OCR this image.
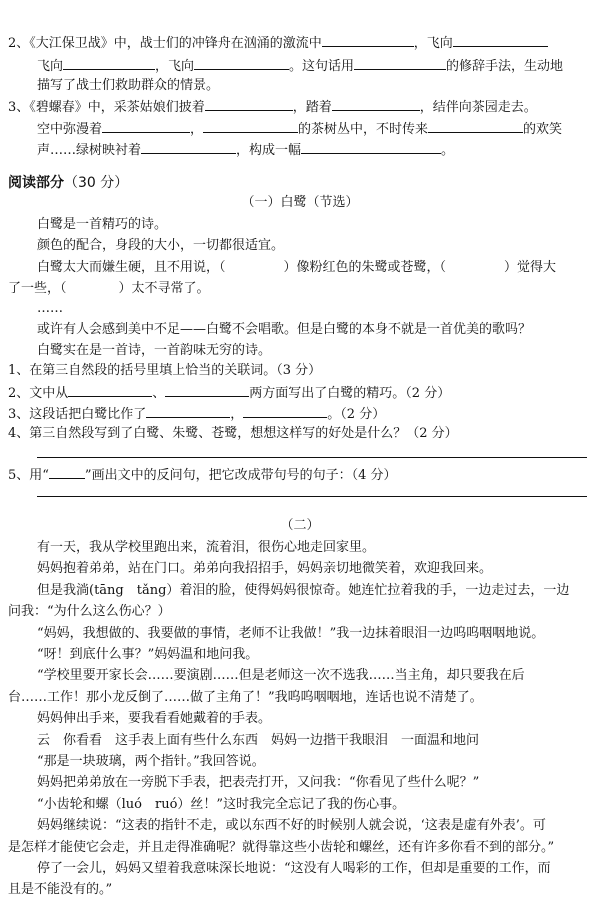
2、《大江保卫战》中，战士们的冲锋舟在汹涌的激流中	，飞向
飞向	，飞向	。这句话用	的修辞手法，生动地
描写了战士们救助群众的情景。
3、《碧螺春》中，采茶姑娘们披着	，踏着	，结伴向茶园走去。
空中弥漫着	，	的茶树丛中，不时传来	的欢笑
声……绿树映衬着	，构成一幅	。
阅读部分（30 分）
（一）白鹭（节选）
白鹭是一首精巧的诗。
颜色的配合，身段的大小，一切都很适宜。
白鹭太大而嫌生硬，且不用说，（	）像粉红色的朱鹭或苍鹭，（	）觉得大
了一些，（	）太不寻常了。
……
或许有人会感到美中不足——白鹭不会唱歌。但是白鹭的本身不就是一首优美的歌吗？
白鹭实在是一首诗，一首韵味无穷的诗。
1、在第三自然段的括号里填上恰当的关联词。（3 分）
2、文中从	、	两方面写出了白鹭的精巧。（2 分）
3、这段话把白鹭比作了	，	。（2 分）
4、第三自然段写到了白鹭、朱鹭、苍鹭，想想这样写的好处是什么？（2 分）
5、用“	”画出文中的反问句，把它改成带句号的句子：（4 分）
（二）
有一天，我从学校里跑出来，流着泪，很伤心地走回家里。
妈妈抱着弟弟，站在门口。弟弟向我招招手，妈妈亲切地微笑着，欢迎我回来。
但是我淌(tāng　tǎng）着泪的脸，使得妈妈很惊奇。她连忙拉着我的手，一边走过去，一边
问我：“为什么这么伤心？）
“妈妈，我想做的、我要做的事情，老师不让我做！”我一边抹着眼泪一边呜呜咽咽地说。
“呀！到底什么事？”妈妈温和地问我。
“学校里要开家长会……要演剧……但是老师这一次不选我……当主角，却只要我在后
台……工作！那小龙反倒了……做了主角了！”我呜呜咽咽地，连话也说不清楚了。
妈妈伸出手来，要我看看她戴着的手表。
云　你看看　这手表上面有些什么东西　妈妈一边揩干我眼泪　一面温和地问
“那是一块玻璃，两个指针。”我回答说。
妈妈把弟弟放在一旁脱下手表，把表壳打开，又问我：“你看见了些什么呢？”
“小齿轮和螺（luó　ruó）丝！”这时我完全忘记了我的伤心事。
妈妈继续说：“这表的指针不走，或以东西不好的时候别人就会说，‘这表是虚有外表’。可
是怎样才能使它会走，并且走得准确呢？就得靠这些小齿轮和螺丝，还有许多你看不到的部分。”
停了一会儿，妈妈又望着我意味深长地说：“这没有人喝彩的工作，但却是重要的工作，而
且是不能没有的。”
